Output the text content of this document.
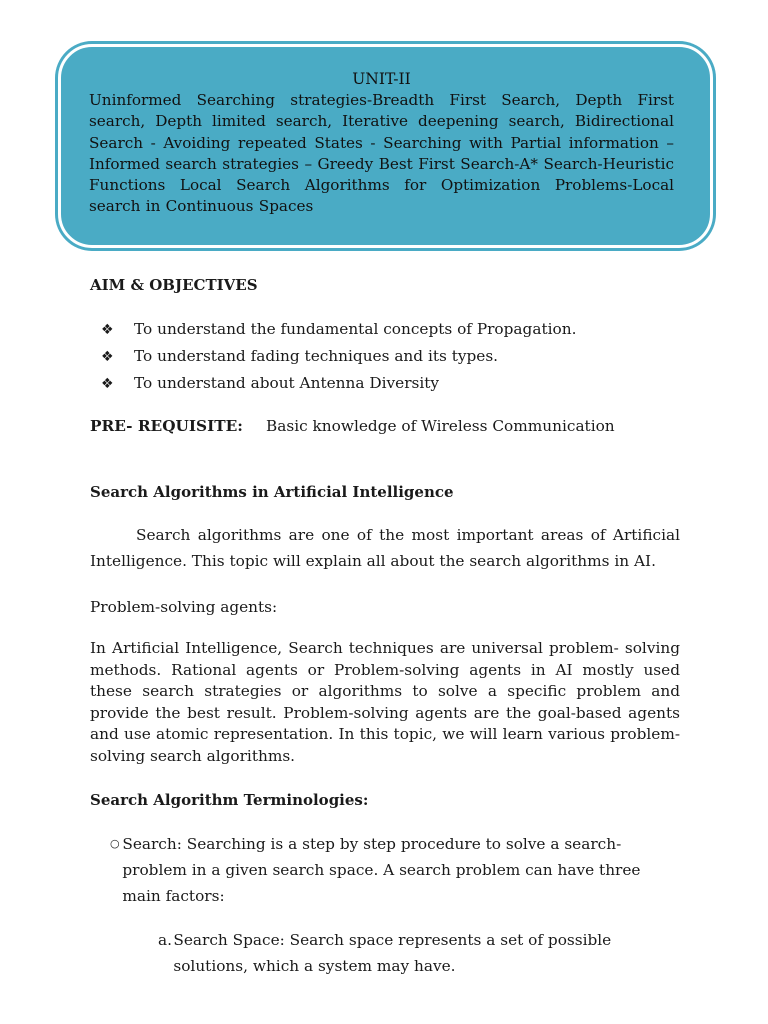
UNIT-II

Uninformed Searching strategies-Breadth First Search, Depth First search, Depth limited search, Iterative deepening search, Bidirectional Search - Avoiding repeated States - Searching with Partial information –Informed search strategies – Greedy Best First Search-A* Search-Heuristic Functions Local Search Algorithms for Optimization Problems-Local search in Continuous Spaces

AIM & OBJECTIVES

❖	To understand the fundamental concepts of Propagation.
❖	To understand fading techniques and its types.
❖	To understand about Antenna Diversity
PRE- REQUISITE:	Basic knowledge of Wireless Communication

Search Algorithms in Artificial Intelligence

Search algorithms are one of the most important areas of Artificial Intelligence. This topic will explain all about the search algorithms in AI.

Problem-solving agents:

In Artificial Intelligence, Search techniques are universal problem- solving methods. Rational agents or Problem-solving agents in AI mostly used these search strategies or algorithms to solve a specific problem and provide the best result. Problem-solving agents are the goal-based agents and use atomic representation. In this topic, we will learn various problem-solving search algorithms.

Search Algorithm Terminologies:

○ Search: Searching is a step by step procedure to solve a search- problem in a given search space. A search problem can have three main factors:
a. Search Space: Search space represents a set of possible solutions, which a system may have.
